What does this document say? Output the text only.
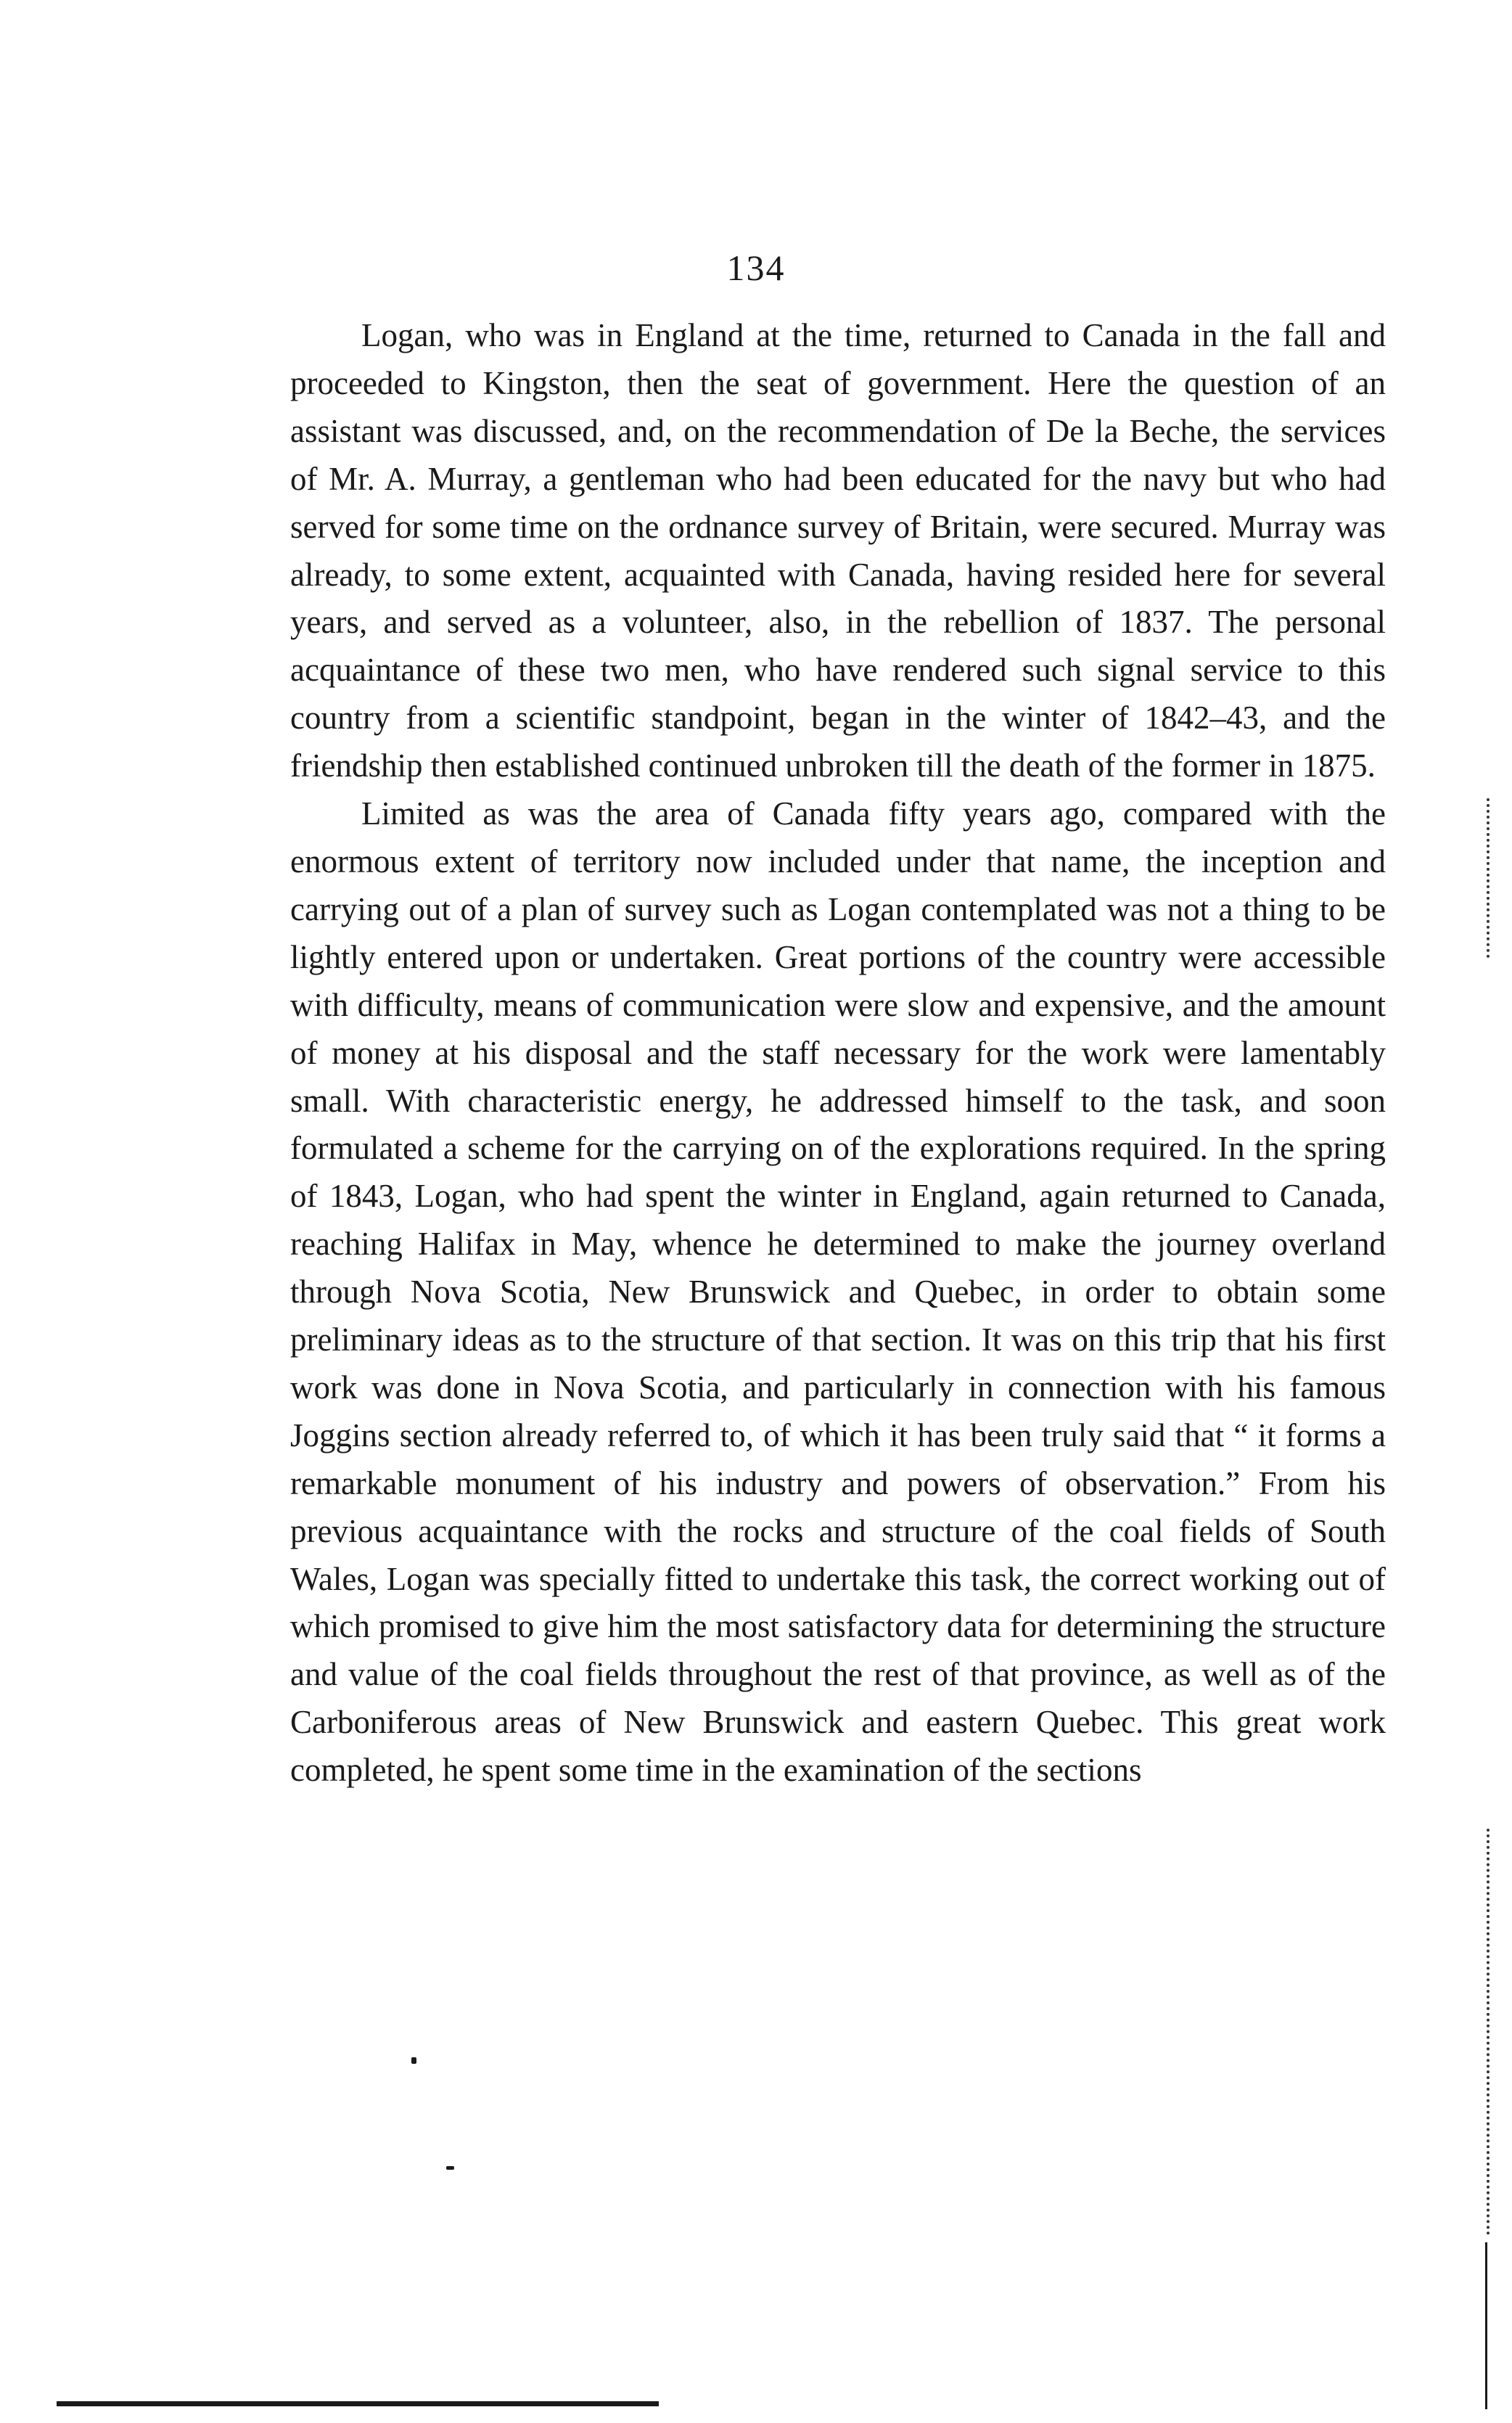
134

Logan, who was in England at the time, returned to Canada in the fall and proceeded to Kingston, then the seat of government. Here the question of an assistant was discussed, and, on the recommendation of De la Beche, the services of Mr. A. Murray, a gentleman who had been educated for the navy but who had served for some time on the ordnance survey of Britain, were secured. Murray was already, to some extent, acquainted with Canada, having resided here for several years, and served as a volunteer, also, in the rebellion of 1837. The personal acquaintance of these two men, who have rendered such signal service to this country from a scientific standpoint, began in the winter of 1842–43, and the friendship then established continued unbroken till the death of the former in 1875.

Limited as was the area of Canada fifty years ago, compared with the enormous extent of territory now included under that name, the inception and carrying out of a plan of survey such as Logan contemplated was not a thing to be lightly entered upon or undertaken. Great portions of the country were accessible with difficulty, means of communication were slow and expensive, and the amount of money at his disposal and the staff necessary for the work were lamentably small. With characteristic energy, he addressed himself to the task, and soon formulated a scheme for the carrying on of the explorations required. In the spring of 1843, Logan, who had spent the winter in England, again returned to Canada, reaching Halifax in May, whence he determined to make the journey overland through Nova Scotia, New Brunswick and Quebec, in order to obtain some preliminary ideas as to the structure of that section. It was on this trip that his first work was done in Nova Scotia, and particularly in connection with his famous Joggins section already referred to, of which it has been truly said that “ it forms a remarkable monument of his industry and powers of observation.” From his previous acquaintance with the rocks and structure of the coal fields of South Wales, Logan was specially fitted to undertake this task, the correct working out of which promised to give him the most satisfactory data for determining the structure and value of the coal fields throughout the rest of that province, as well as of the Carboniferous areas of New Brunswick and eastern Quebec. This great work completed, he spent some time in the examination of the sections
